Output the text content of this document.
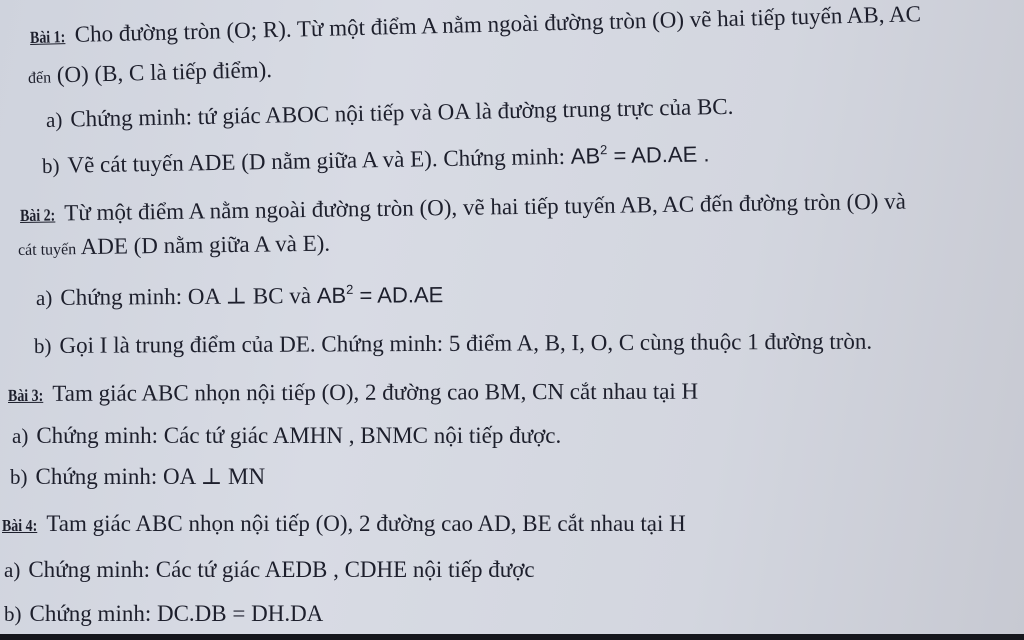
Bài 1: Cho đường tròn (O; R). Từ một điểm A nằm ngoài đường tròn (O) vẽ hai tiếp tuyến AB, AC
đến (O) (B, C là tiếp điểm).
a) Chứng minh: tứ giác ABOC nội tiếp và OA là đường trung trực của BC.
b) Vẽ cát tuyến ADE (D nằm giữa A và E). Chứng minh: $AB^2 = AD.AE$ .
Bài 2: Từ một điểm A nằm ngoài đường tròn (O), vẽ hai tiếp tuyến AB, AC đến đường tròn (O) và
cát tuyến ADE (D nằm giữa A và E).
a) Chứng minh: OA ⊥ BC và $AB^2 = AD.AE$
b) Gọi I là trung điểm của DE. Chứng minh: 5 điểm A, B, I, O, C cùng thuộc 1 đường tròn.
Bài 3: Tam giác ABC nhọn nội tiếp (O), 2 đường cao BM, CN cắt nhau tại H
a) Chứng minh: Các tứ giác AMHN , BNMC nội tiếp được.
b) Chứng minh: OA ⊥ MN
Bài 4: Tam giác ABC nhọn nội tiếp (O), 2 đường cao AD, BE cắt nhau tại H
a) Chứng minh: Các tứ giác AEDB , CDHE nội tiếp được
b) Chứng minh: DC.DB = DH.DA
